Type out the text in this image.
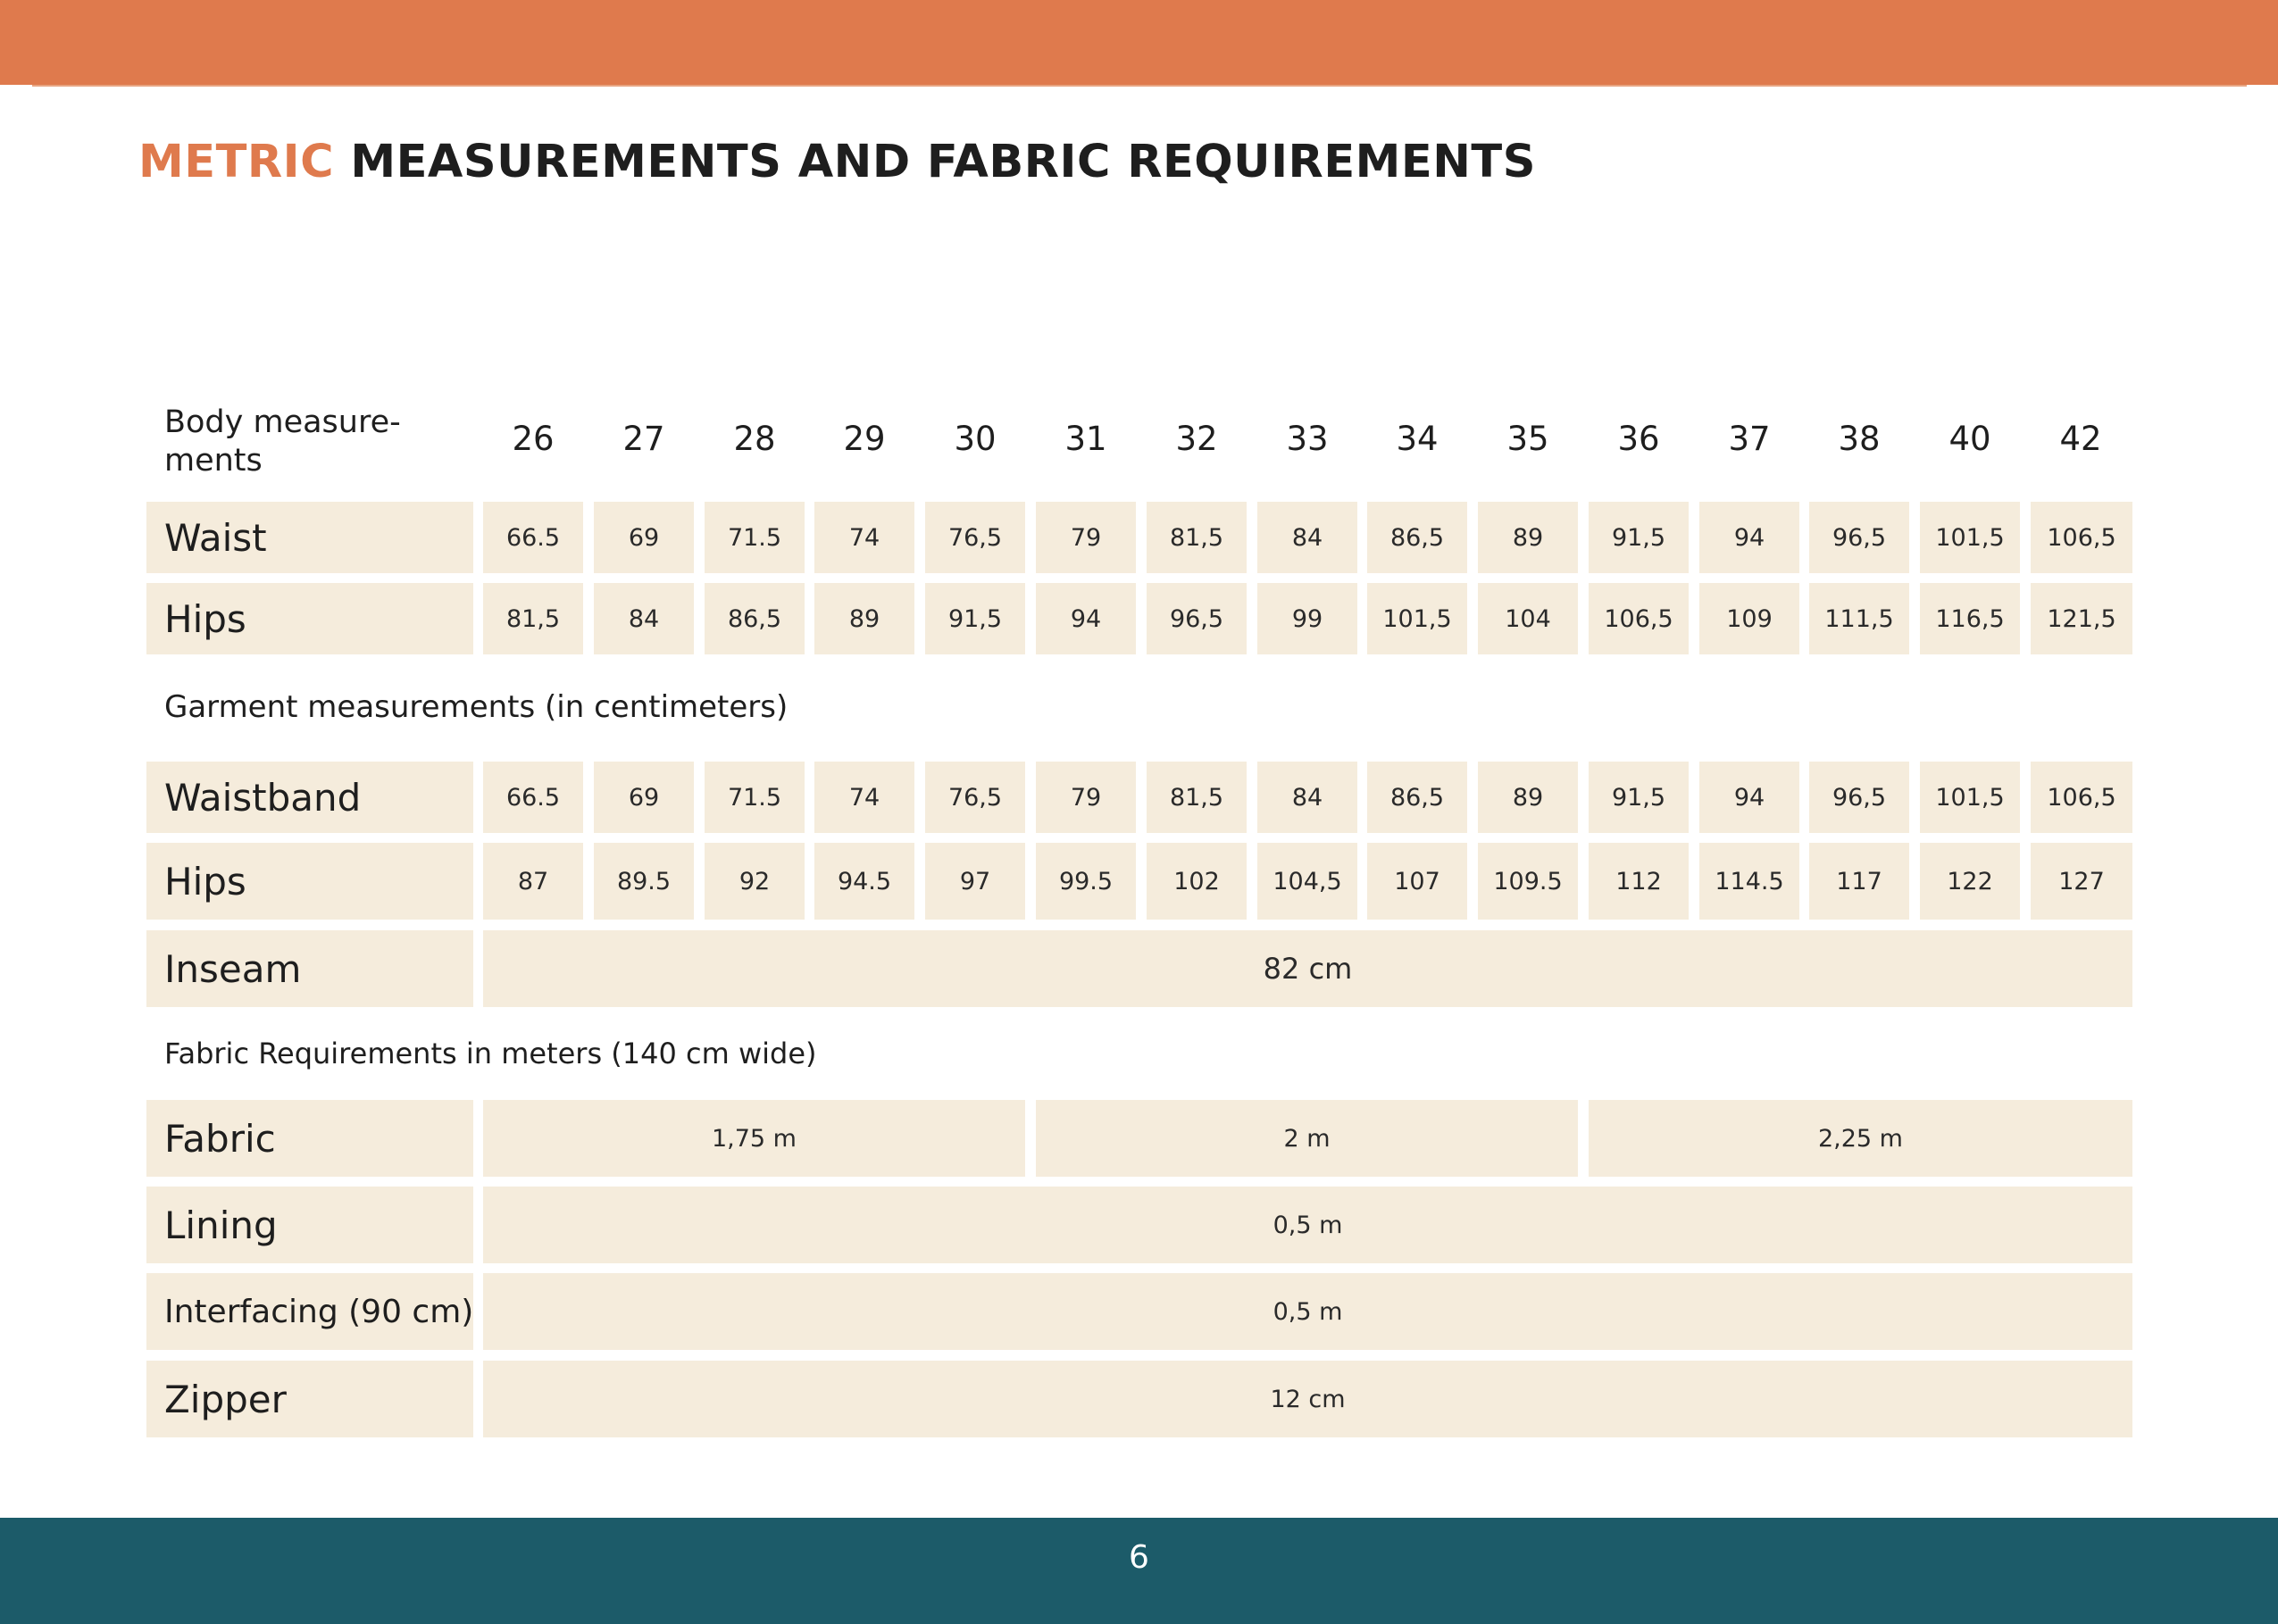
METRIC MEASUREMENTS AND FABRIC REQUIREMENTS
Body measure-
ments
26	27	28	29	30	31	32	33	34	35	36	37	38	40	42
Waist	66.5	69	71.5	74	76,5	79	81,5	84	86,5	89	91,5	94	96,5	101,5	106,5
Hips	81,5	84	86,5	89	91,5	94	96,5	99	101,5	104	106,5	109	111,5	116,5	121,5
Garment measurements (in centimeters)
Waistband	66.5	69	71.5	74	76,5	79	81,5	84	86,5	89	91,5	94	96,5	101,5	106,5
Hips	87	89.5	92	94.5	97	99.5	102	104,5	107	109.5	112	114.5	117	122	127
Inseam	82 cm
Fabric Requirements in meters (140 cm wide)
Fabric	1,75 m	2 m	2,25 m
Lining	0,5 m
Interfacing (90 cm)	0,5 m
Zipper	12 cm
6
